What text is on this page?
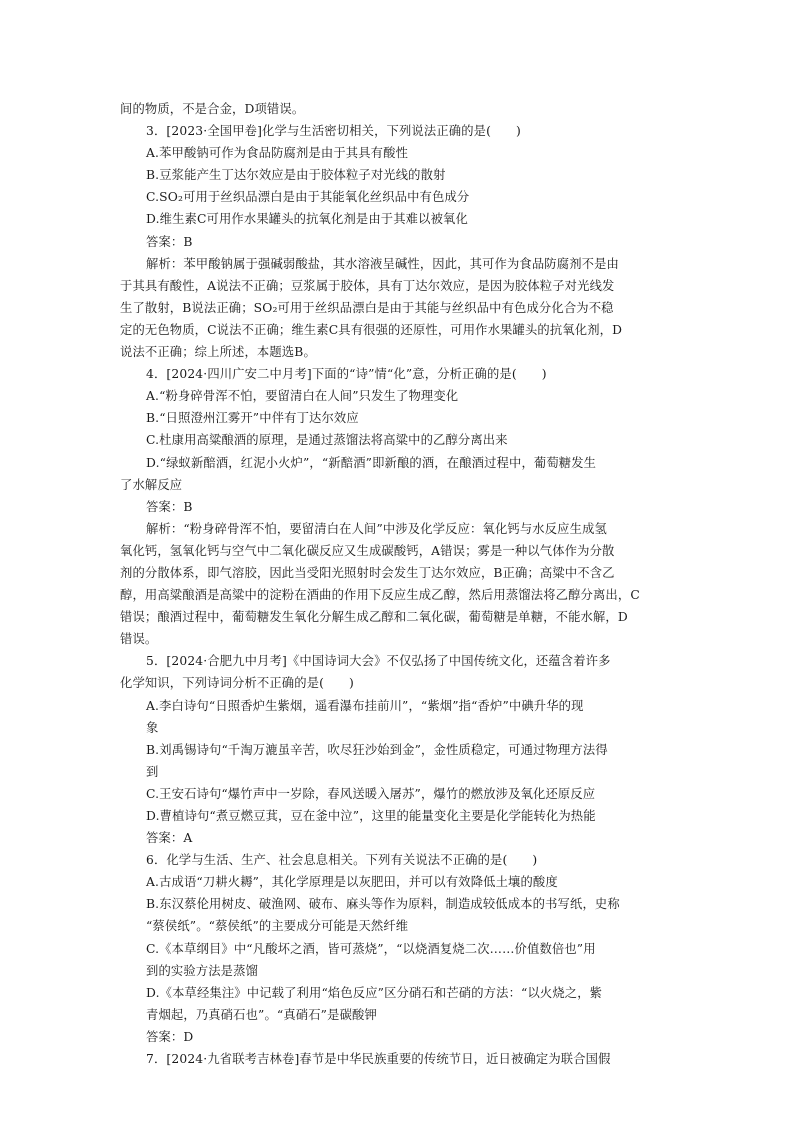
间的物质，不是合金，D项错误。
3．[2023·全国甲卷]化学与生活密切相关，下列说法正确的是(　　)
A.苯甲酸钠可作为食品防腐剂是由于其具有酸性
B.豆浆能产生丁达尔效应是由于胶体粒子对光线的散射
C.SO₂可用于丝织品漂白是由于其能氧化丝织品中有色成分
D.维生素C可用作水果罐头的抗氧化剂是由于其难以被氧化
答案：B
解析：苯甲酸钠属于强碱弱酸盐，其水溶液呈碱性，因此，其可作为食品防腐剂不是由
于其具有酸性，A说法不正确；豆浆属于胶体，具有丁达尔效应，是因为胶体粒子对光线发
生了散射，B说法正确；SO₂可用于丝织品漂白是由于其能与丝织品中有色成分化合为不稳
定的无色物质，C说法不正确；维生素C具有很强的还原性，可用作水果罐头的抗氧化剂，D
说法不正确；综上所述，本题选B。
4．[2024·四川广安二中月考]下面的“诗”情“化”意，分析正确的是(　　)
A.“粉身碎骨浑不怕，要留清白在人间”只发生了物理变化
B.“日照澄州江雾开”中伴有丁达尔效应
C.杜康用高粱酿酒的原理，是通过蒸馏法将高粱中的乙醇分离出来
D.“绿蚁新醅酒，红泥小火炉”，“新醅酒”即新酿的酒，在酿酒过程中，葡萄糖发生
了水解反应
答案：B
解析：“粉身碎骨浑不怕，要留清白在人间”中涉及化学反应：氧化钙与水反应生成氢
氧化钙，氢氧化钙与空气中二氧化碳反应又生成碳酸钙，A错误；雾是一种以气体作为分散
剂的分散体系，即气溶胶，因此当受阳光照射时会发生丁达尔效应，B正确；高粱中不含乙
醇，用高粱酿酒是高粱中的淀粉在酒曲的作用下反应生成乙醇，然后用蒸馏法将乙醇分离出，C
错误；酿酒过程中，葡萄糖发生氧化分解生成乙醇和二氧化碳，葡萄糖是单糖，不能水解，D
错误。
5．[2024·合肥九中月考]《中国诗词大会》不仅弘扬了中国传统文化，还蕴含着许多
化学知识，下列诗词分析不正确的是(　　)
A.李白诗句“日照香炉生紫烟，遥看瀑布挂前川”，“紫烟”指“香炉”中碘升华的现
象
B.刘禹锡诗句“千淘万漉虽辛苦，吹尽狂沙始到金”，金性质稳定，可通过物理方法得
到
C.王安石诗句“爆竹声中一岁除，春风送暖入屠苏”，爆竹的燃放涉及氧化还原反应
D.曹植诗句“煮豆燃豆萁，豆在釜中泣”，这里的能量变化主要是化学能转化为热能
答案：A
6．化学与生活、生产、社会息息相关。下列有关说法不正确的是(　　)
A.古成语“刀耕火耨”，其化学原理是以灰肥田，并可以有效降低土壤的酸度
B.东汉蔡伦用树皮、破渔网、破布、麻头等作为原料，制造成较低成本的书写纸，史称
“蔡侯纸”。“蔡侯纸”的主要成分可能是天然纤维
C.《本草纲目》中“凡酸坏之酒，皆可蒸烧”，“以烧酒复烧二次……价值数倍也”用
到的实验方法是蒸馏
D.《本草经集注》中记载了利用“焰色反应”区分硝石和芒硝的方法：“以火烧之，紫
青烟起，乃真硝石也”。“真硝石”是碳酸钾
答案：D
7．[2024·九省联考吉林卷]春节是中华民族重要的传统节日，近日被确定为联合国假
